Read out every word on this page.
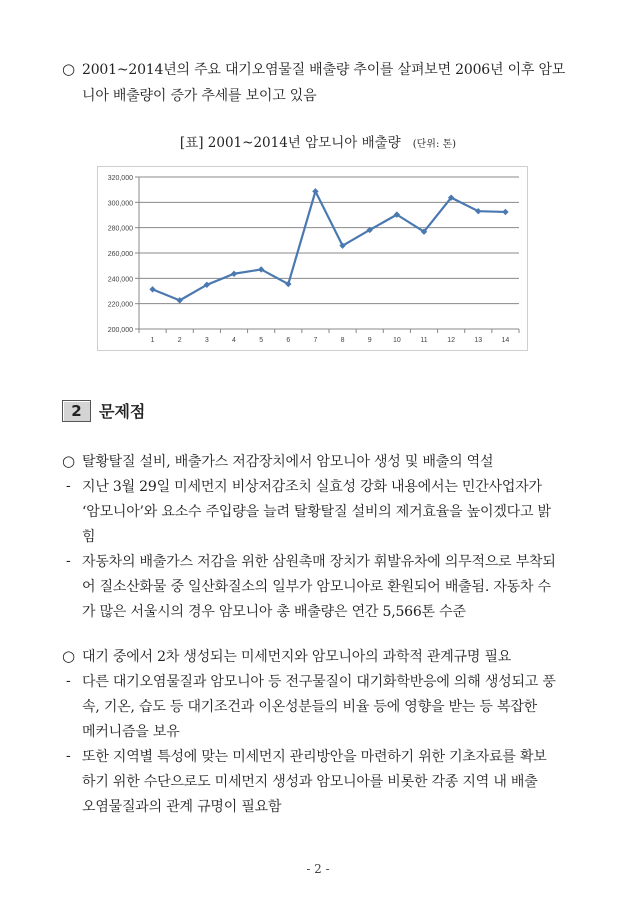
○ 2001~2014년의 주요 대기오염물질 배출량 추이를 살펴보면 2006년 이후 암모
니아 배출량이 증가 추세를 보이고 있음
[표] 2001~2014년 암모니아 배출량 (단위: 톤)
200,000
220,000
240,000
260,000
280,000
300,000
320,000
1	2	3	4	5	6	7	8	9	10	11	12	13	14
2	문제점
○ 탈황탈질 설비, 배출가스 저감장치에서 암모니아 생성 및 배출의 역설
- 지난 3월 29일 미세먼지 비상저감조치 실효성 강화 내용에서는 민간사업자가
‘암모니아’와 요소수 주입량을 늘려 탈황탈질 설비의 제거효율을 높이겠다고 밝
힘
- 자동차의 배출가스 저감을 위한 삼원촉매 장치가 휘발유차에 의무적으로 부착되
어 질소산화물 중 일산화질소의 일부가 암모니아로 환원되어 배출됨. 자동차 수
가 많은 서울시의 경우 암모니아 총 배출량은 연간 5,566톤 수준
○ 대기 중에서 2차 생성되는 미세먼지와 암모니아의 과학적 관계규명 필요
- 다른 대기오염물질과 암모니아 등 전구물질이 대기화학반응에 의해 생성되고 풍
속, 기온, 습도 등 대기조건과 이온성분들의 비율 등에 영향을 받는 등 복잡한
메커니즘을 보유
- 또한 지역별 특성에 맞는 미세먼지 관리방안을 마련하기 위한 기초자료를 확보
하기 위한 수단으로도 미세먼지 생성과 암모니아를 비롯한 각종 지역 내 배출
오염물질과의 관계 규명이 필요함
- 2 -
